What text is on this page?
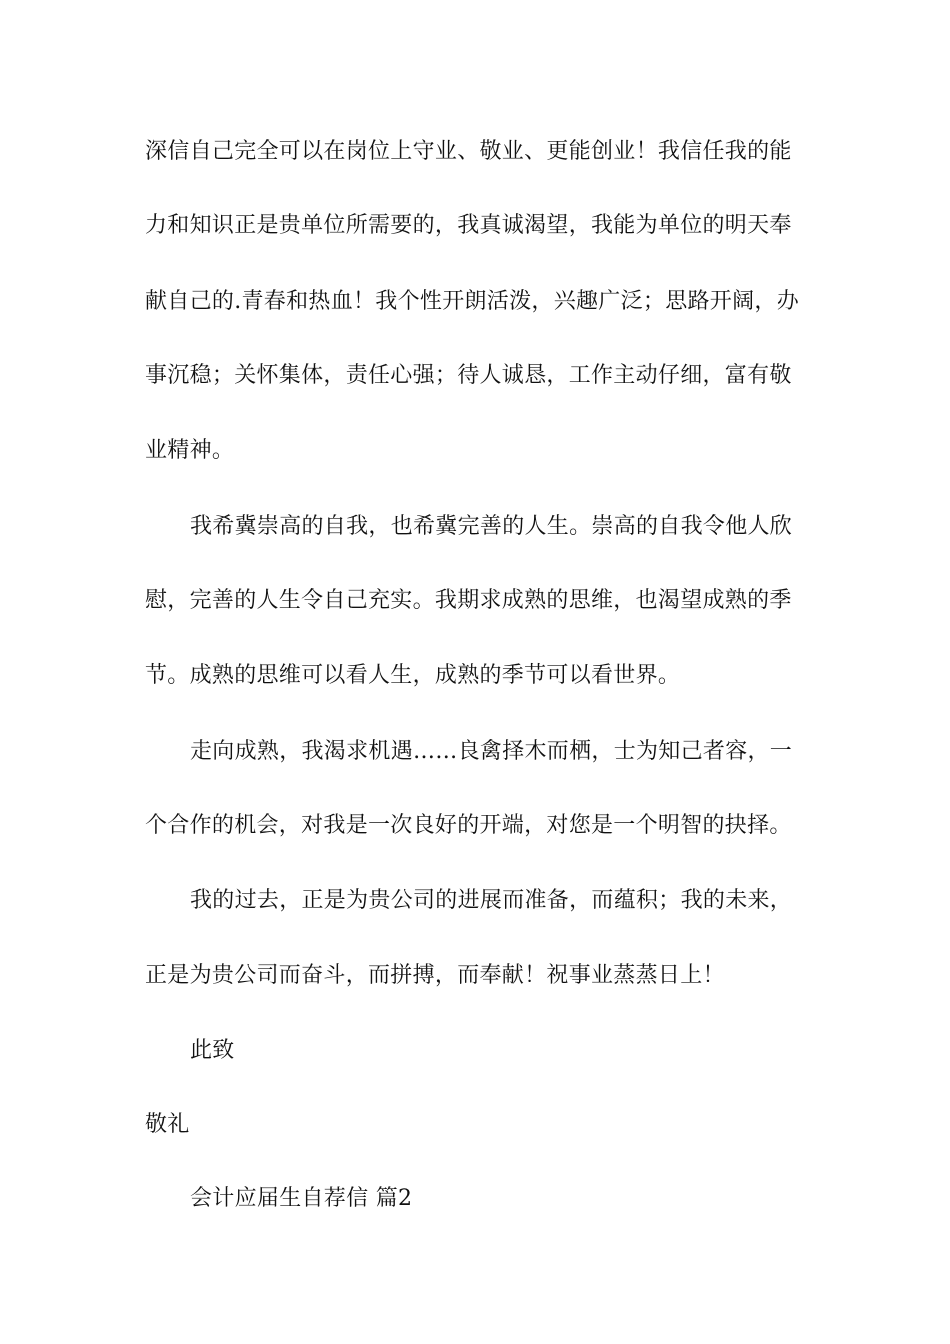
深信自己完全可以在岗位上守业、敬业、更能创业！我信任我的能
力和知识正是贵单位所需要的，我真诚渴望，我能为单位的明天奉
献自己的.青春和热血！我个性开朗活泼，兴趣广泛；思路开阔，办
事沉稳；关怀集体，责任心强；待人诚恳，工作主动仔细，富有敬
业精神。
我希冀崇高的自我，也希冀完善的人生。崇高的自我令他人欣
慰，完善的人生令自己充实。我期求成熟的思维，也渴望成熟的季
节。成熟的思维可以看人生，成熟的季节可以看世界。
走向成熟，我渴求机遇……良禽择木而栖，士为知己者容，一
个合作的机会，对我是一次良好的开端，对您是一个明智的抉择。
我的过去，正是为贵公司的进展而准备，而蕴积；我的未来，
正是为贵公司而奋斗，而拼搏，而奉献！祝事业蒸蒸日上！
此致
敬礼
会计应届生自荐信 篇2
